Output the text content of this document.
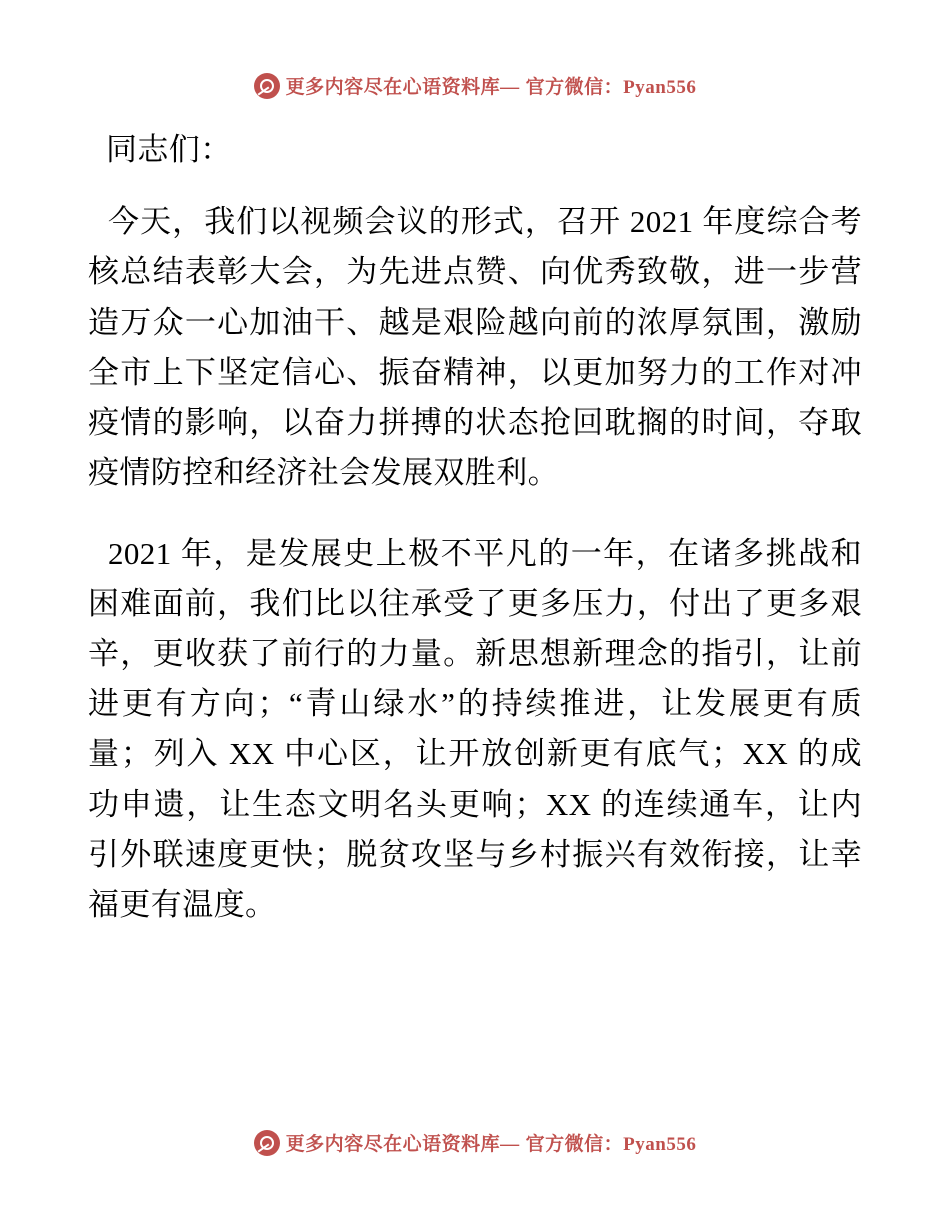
更多内容尽在心语资料库— 官方微信：Pyan556

同志们：

今天，我们以视频会议的形式，召开 2021 年度综合考核总结表彰大会，为先进点赞、向优秀致敬，进一步营造万众一心加油干、越是艰险越向前的浓厚氛围，激励全市上下坚定信心、振奋精神，以更加努力的工作对冲疫情的影响，以奋力拼搏的状态抢回耽搁的时间，夺取疫情防控和经济社会发展双胜利。

2021 年，是发展史上极不平凡的一年，在诸多挑战和困难面前，我们比以往承受了更多压力，付出了更多艰辛，更收获了前行的力量。新思想新理念的指引，让前进更有方向；“青山绿水”的持续推进，让发展更有质量；列入 XX 中心区，让开放创新更有底气；XX 的成功申遗，让生态文明名头更响；XX 的连续通车，让内引外联速度更快；脱贫攻坚与乡村振兴有效衔接，让幸福更有温度。

更多内容尽在心语资料库— 官方微信：Pyan556
